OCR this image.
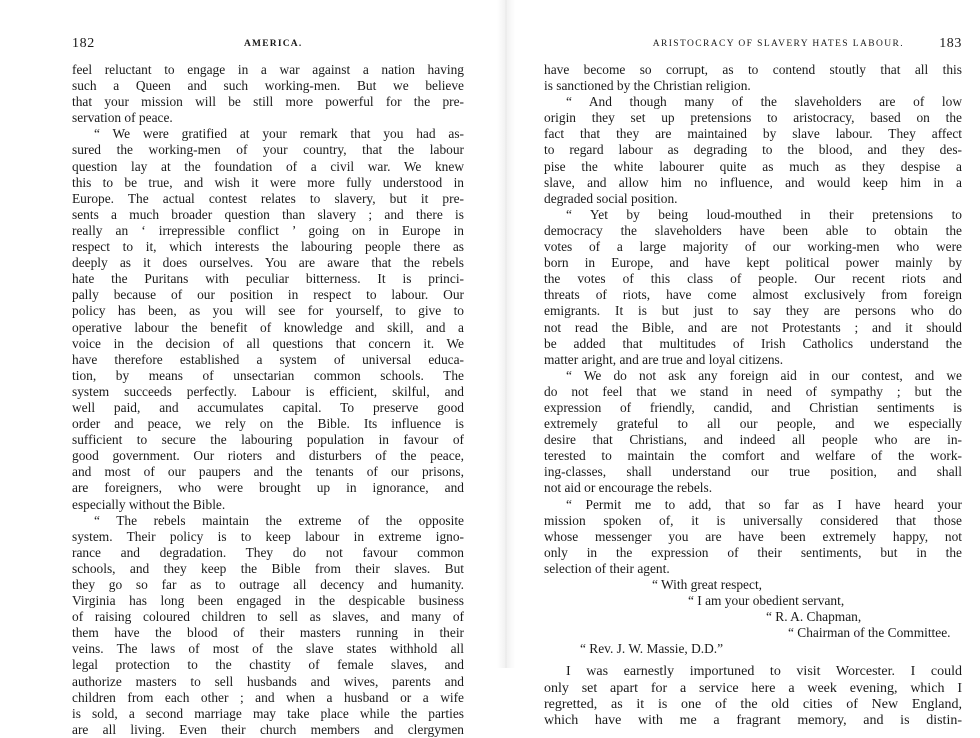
182	AMERICA.
feel reluctant to engage in a war against a nation having
such a Queen and such working-men. But we believe
that your mission will be still more powerful for the pre-
servation of peace.
“ We were gratified at your remark that you had as-
sured the working-men of your country, that the labour
question lay at the foundation of a civil war. We knew
this to be true, and wish it were more fully understood in
Europe. The actual contest relates to slavery, but it pre-
sents a much broader question than slavery ; and there is
really an ‘ irrepressible conflict ’ going on in Europe in
respect to it, which interests the labouring people there as
deeply as it does ourselves. You are aware that the rebels
hate the Puritans with peculiar bitterness. It is princi-
pally because of our position in respect to labour. Our
policy has been, as you will see for yourself, to give to
operative labour the benefit of knowledge and skill, and a
voice in the decision of all questions that concern it. We
have therefore established a system of universal educa-
tion, by means of unsectarian common schools. The
system succeeds perfectly. Labour is efficient, skilful, and
well paid, and accumulates capital. To preserve good
order and peace, we rely on the Bible. Its influence is
sufficient to secure the labouring population in favour of
good government. Our rioters and disturbers of the peace,
and most of our paupers and the tenants of our prisons,
are foreigners, who were brought up in ignorance, and
especially without the Bible.
“ The rebels maintain the extreme of the opposite
system. Their policy is to keep labour in extreme igno-
rance and degradation. They do not favour common
schools, and they keep the Bible from their slaves. But
they go so far as to outrage all decency and humanity.
Virginia has long been engaged in the despicable business
of raising coloured children to sell as slaves, and many of
them have the blood of their masters running in their
veins. The laws of most of the slave states withhold all
legal protection to the chastity of female slaves, and
authorize masters to sell husbands and wives, parents and
children from each other ; and when a husband or a wife
is sold, a second marriage may take place while the parties
are all living. Even their church members and clergymen
ARISTOCRACY OF SLAVERY HATES LABOUR.	183
have become so corrupt, as to contend stoutly that all this
is sanctioned by the Christian religion.
“ And though many of the slaveholders are of low
origin they set up pretensions to aristocracy, based on the
fact that they are maintained by slave labour. They affect
to regard labour as degrading to the blood, and they des-
pise the white labourer quite as much as they despise a
slave, and allow him no influence, and would keep him in a
degraded social position.
“ Yet by being loud-mouthed in their pretensions to
democracy the slaveholders have been able to obtain the
votes of a large majority of our working-men who were
born in Europe, and have kept political power mainly by
the votes of this class of people. Our recent riots and
threats of riots, have come almost exclusively from foreign
emigrants. It is but just to say they are persons who do
not read the Bible, and are not Protestants ; and it should
be added that multitudes of Irish Catholics understand the
matter aright, and are true and loyal citizens.
“ We do not ask any foreign aid in our contest, and we
do not feel that we stand in need of sympathy ; but the
expression of friendly, candid, and Christian sentiments is
extremely grateful to all our people, and we especially
desire that Christians, and indeed all people who are in-
terested to maintain the comfort and welfare of the work-
ing-classes, shall understand our true position, and shall
not aid or encourage the rebels.
“ Permit me to add, that so far as I have heard your
mission spoken of, it is universally considered that those
whose messenger you are have been extremely happy, not
only in the expression of their sentiments, but in the
selection of their agent.
“ With great respect,
“ I am your obedient servant,
“ R. A. Chapman,
“ Chairman of the Committee.
“ Rev. J. W. Massie, D.D.”
I was earnestly importuned to visit Worcester. I could
only set apart for a service here a week evening, which I
regretted, as it is one of the old cities of New England,
which have with me a fragrant memory, and is distin-
